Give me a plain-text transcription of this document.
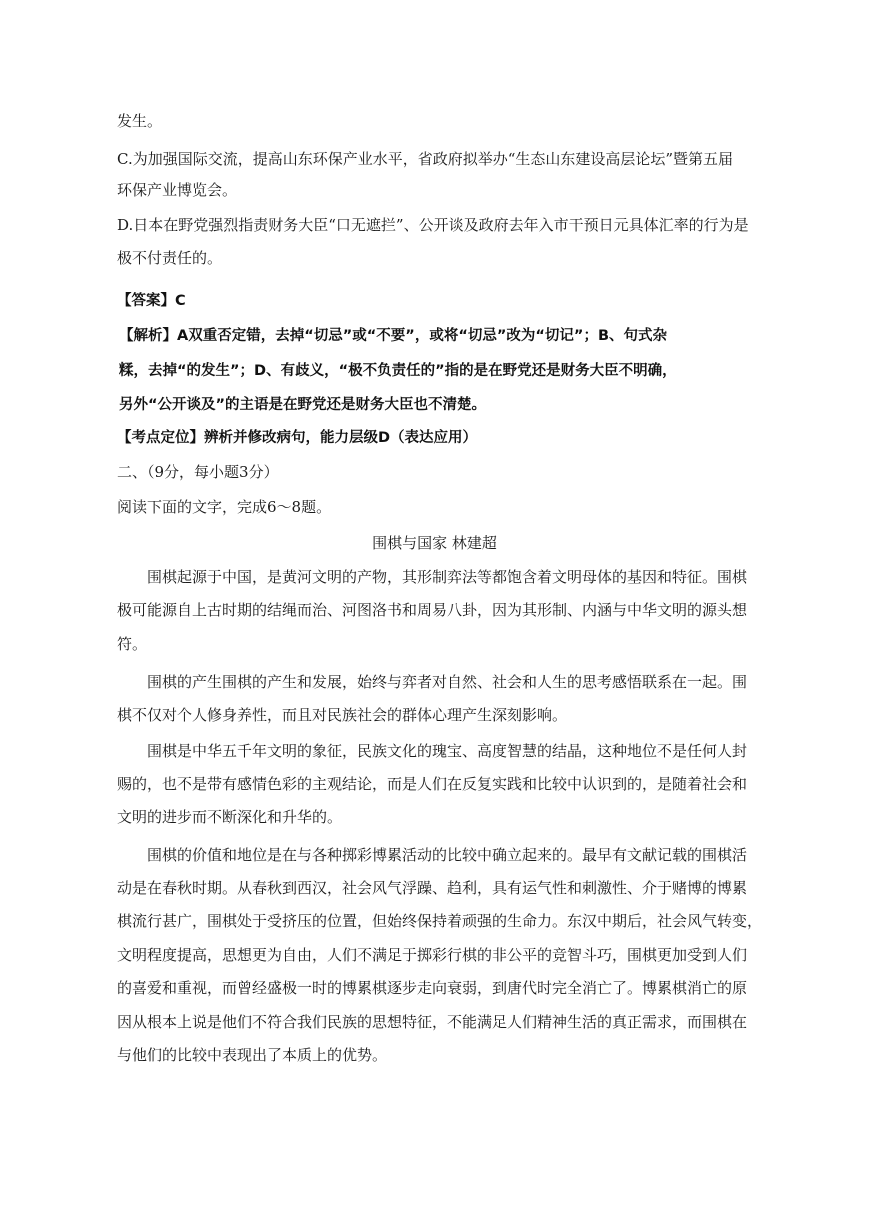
发生。
C.为加强国际交流，提高山东环保产业水平，省政府拟举办“生态山东建设高层论坛”暨第五届
环保产业博览会。
D.日本在野党强烈指责财务大臣“口无遮拦”、公开谈及政府去年入市干预日元具体汇率的行为是
极不付责任的。
【答案】C
【解析】A双重否定错，去掉“切忌”或“不要”，或将“切忌”改为“切记”；B、句式杂
糅，去掉“的发生”；D、有歧义，“极不负责任的”指的是在野党还是财务大臣不明确，
另外“公开谈及”的主语是在野党还是财务大臣也不清楚。
【考点定位】辨析并修改病句，能力层级D（表达应用）
二、（9分，每小题3分）
阅读下面的文字，完成6～8题。
围棋与国家 林建超
围棋起源于中国，是黄河文明的产物，其形制弈法等都饱含着文明母体的基因和特征。围棋
极可能源自上古时期的结绳而治、河图洛书和周易八卦，因为其形制、内涵与中华文明的源头想
符。
围棋的产生围棋的产生和发展，始终与弈者对自然、社会和人生的思考感悟联系在一起。围
棋不仅对个人修身养性，而且对民族社会的群体心理产生深刻影响。
围棋是中华五千年文明的象征，民族文化的瑰宝、高度智慧的结晶，这种地位不是任何人封
赐的，也不是带有感情色彩的主观结论，而是人们在反复实践和比较中认识到的，是随着社会和
文明的进步而不断深化和升华的。
围棋的价值和地位是在与各种掷彩博累活动的比较中确立起来的。最早有文献记载的围棋活
动是在春秋时期。从春秋到西汉，社会风气浮躁、趋利，具有运气性和刺激性、介于赌博的博累
棋流行甚广，围棋处于受挤压的位置，但始终保持着顽强的生命力。东汉中期后，社会风气转变，
文明程度提高，思想更为自由，人们不满足于掷彩行棋的非公平的竞智斗巧，围棋更加受到人们
的喜爱和重视，而曾经盛极一时的博累棋逐步走向衰弱，到唐代时完全消亡了。博累棋消亡的原
因从根本上说是他们不符合我们民族的思想特征，不能满足人们精神生活的真正需求，而围棋在
与他们的比较中表现出了本质上的优势。
